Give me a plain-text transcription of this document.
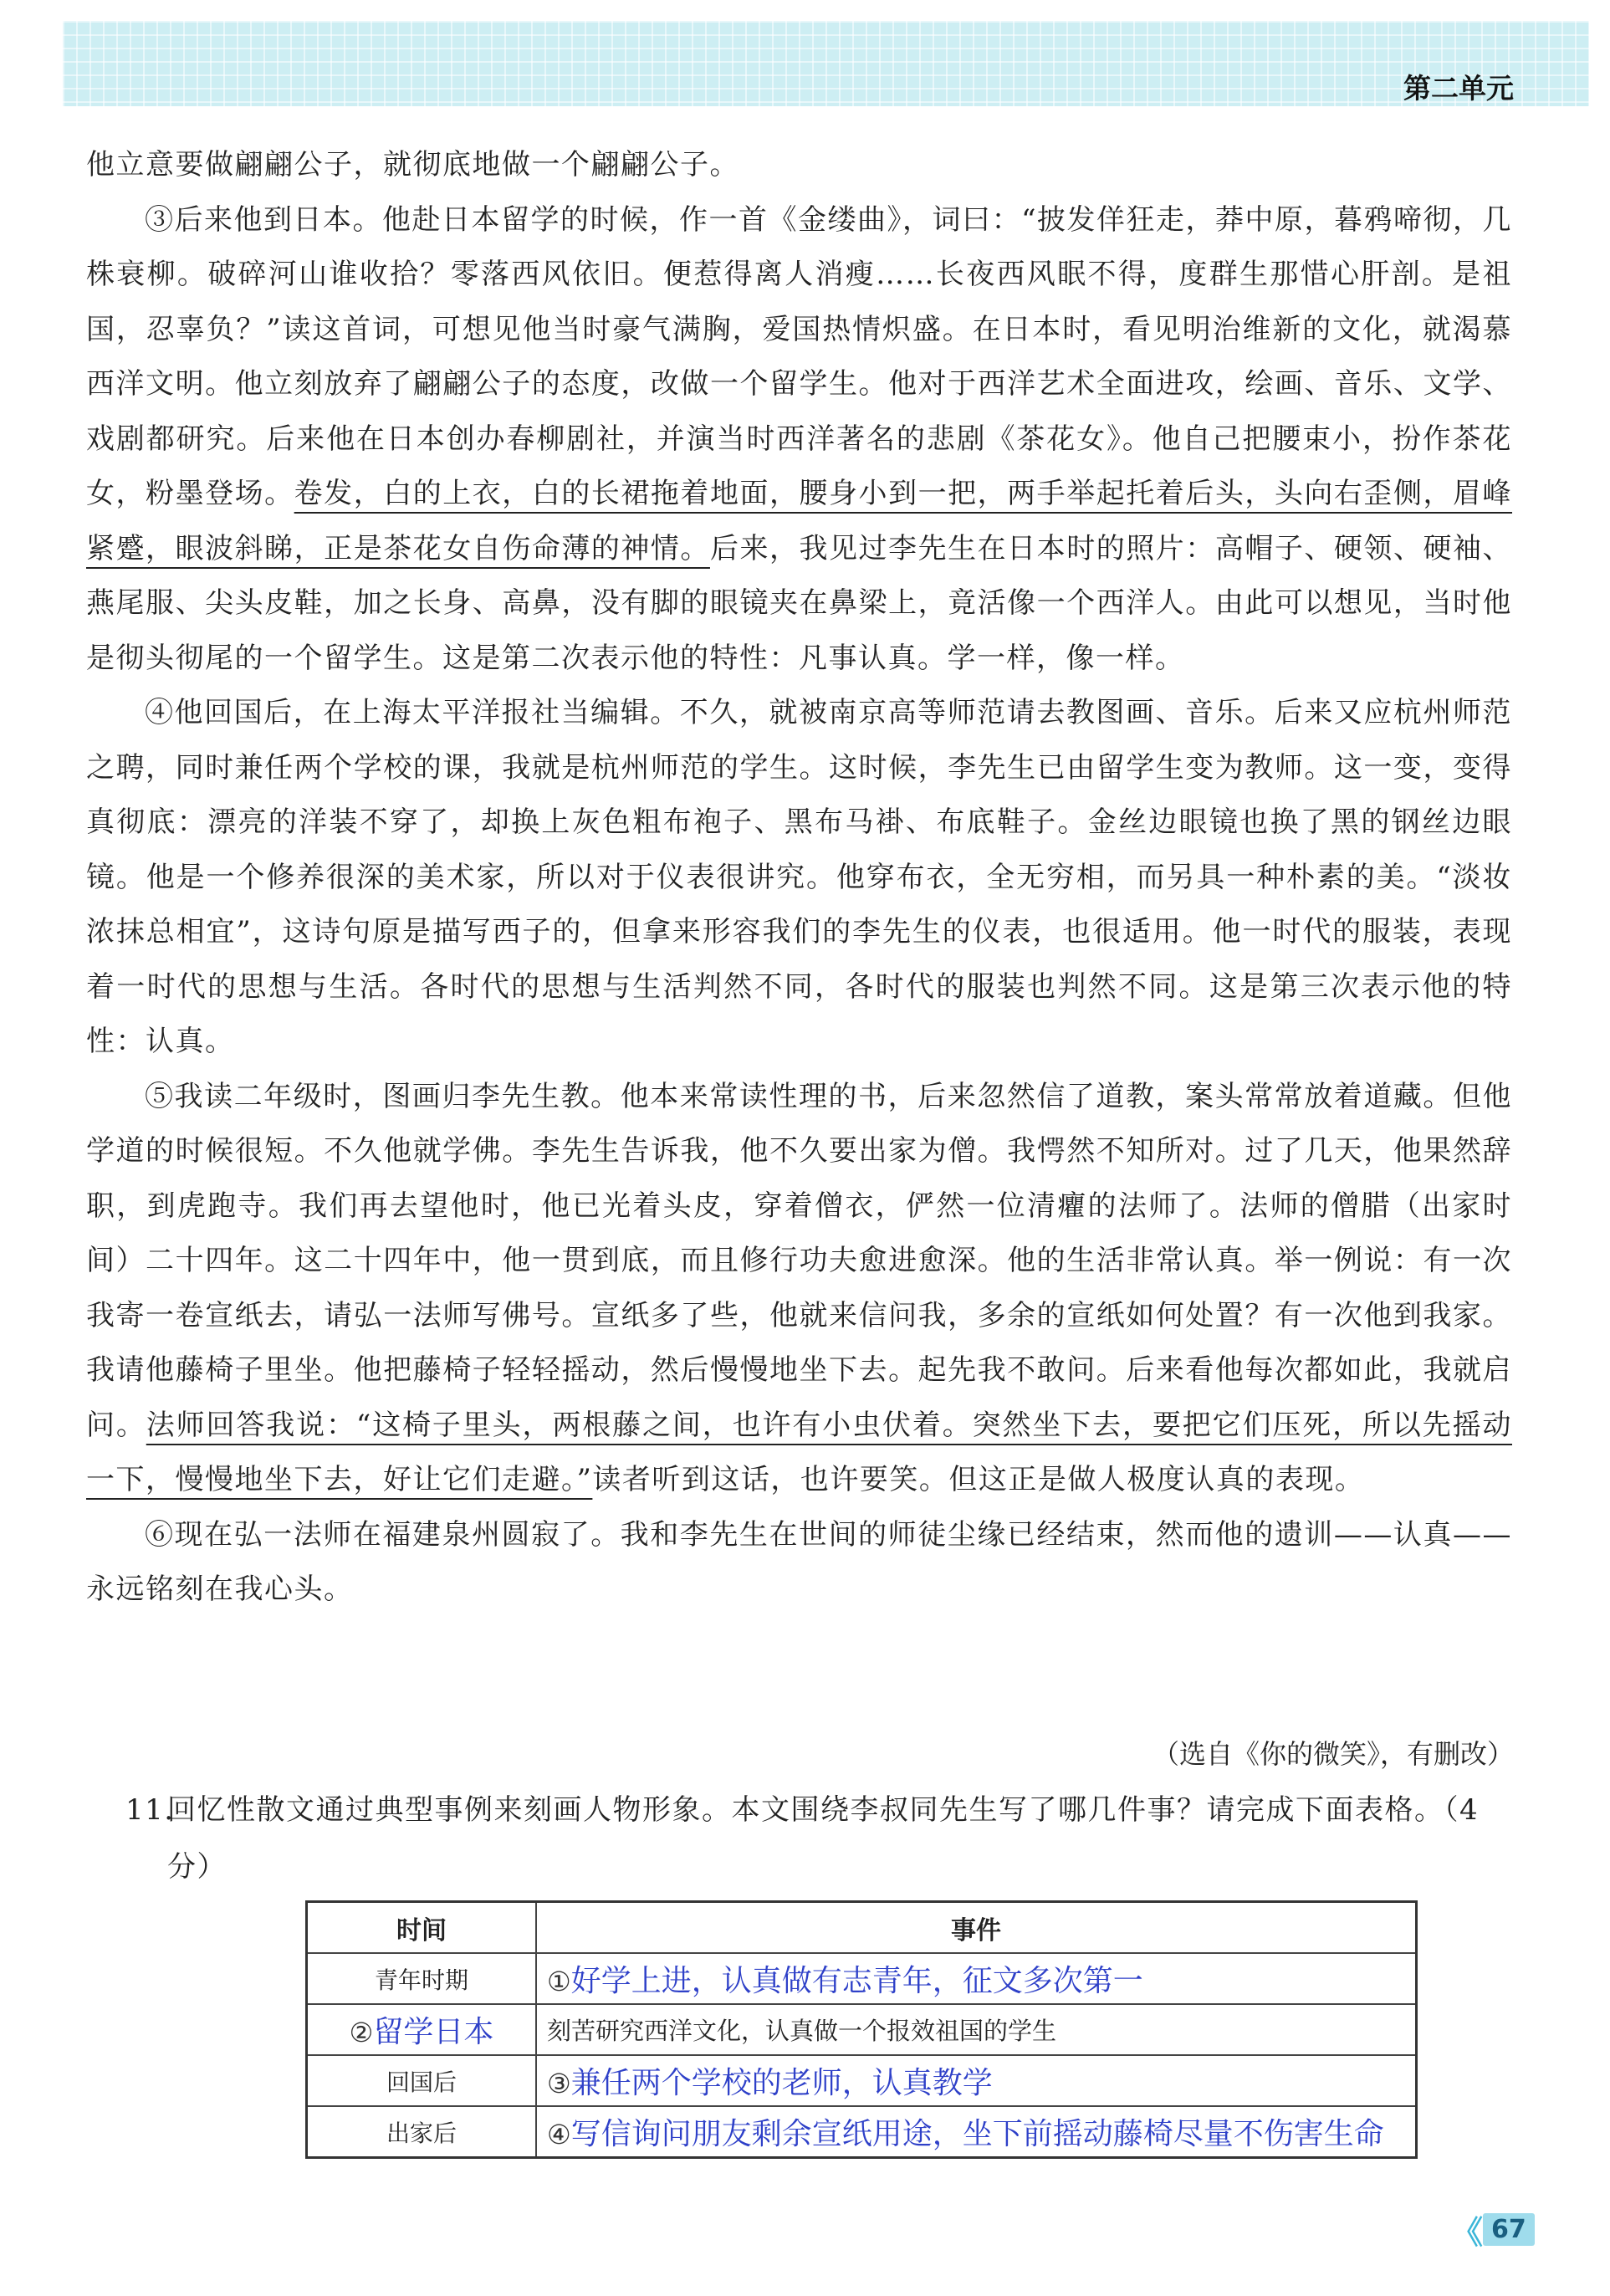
第二单元

他立意要做翩翩公子，就彻底地做一个翩翩公子。

③后来他到日本。他赴日本留学的时候，作一首《金缕曲》，词曰：“披发佯狂走，莽中原，暮鸦啼彻，几株衰柳。破碎河山谁收拾？零落西风依旧。便惹得离人消瘦……长夜西风眠不得，度群生那惜心肝剖。是祖国，忍辜负？”读这首词，可想见他当时豪气满胸，爱国热情炽盛。在日本时，看见明治维新的文化，就渴慕西洋文明。他立刻放弃了翩翩公子的态度，改做一个留学生。他对于西洋艺术全面进攻，绘画、音乐、文学、戏剧都研究。后来他在日本创办春柳剧社，并演当时西洋著名的悲剧《茶花女》。他自己把腰束小，扮作茶花女，粉墨登场。卷发，白的上衣，白的长裙拖着地面，腰身小到一把，两手举起托着后头，头向右歪侧，眉峰紧蹙，眼波斜睇，正是茶花女自伤命薄的神情。后来，我见过李先生在日本时的照片：高帽子、硬领、硬袖、燕尾服、尖头皮鞋，加之长身、高鼻，没有脚的眼镜夹在鼻梁上，竟活像一个西洋人。由此可以想见，当时他是彻头彻尾的一个留学生。这是第二次表示他的特性：凡事认真。学一样，像一样。

④他回国后，在上海太平洋报社当编辑。不久，就被南京高等师范请去教图画、音乐。后来又应杭州师范之聘，同时兼任两个学校的课，我就是杭州师范的学生。这时候，李先生已由留学生变为教师。这一变，变得真彻底：漂亮的洋装不穿了，却换上灰色粗布袍子、黑布马褂、布底鞋子。金丝边眼镜也换了黑的钢丝边眼镜。他是一个修养很深的美术家，所以对于仪表很讲究。他穿布衣，全无穷相，而另具一种朴素的美。“淡妆浓抹总相宜”，这诗句原是描写西子的，但拿来形容我们的李先生的仪表，也很适用。他一时代的服装，表现着一时代的思想与生活。各时代的思想与生活判然不同，各时代的服装也判然不同。这是第三次表示他的特性：认真。

⑤我读二年级时，图画归李先生教。他本来常读性理的书，后来忽然信了道教，案头常常放着道藏。但他学道的时候很短。不久他就学佛。李先生告诉我，他不久要出家为僧。我愕然不知所对。过了几天，他果然辞职，到虎跑寺。我们再去望他时，他已光着头皮，穿着僧衣，俨然一位清癯的法师了。法师的僧腊（出家时间）二十四年。这二十四年中，他一贯到底，而且修行功夫愈进愈深。他的生活非常认真。举一例说：有一次我寄一卷宣纸去，请弘一法师写佛号。宣纸多了些，他就来信问我，多余的宣纸如何处置？有一次他到我家。我请他藤椅子里坐。他把藤椅子轻轻摇动，然后慢慢地坐下去。起先我不敢问。后来看他每次都如此，我就启问。法师回答我说：“这椅子里头，两根藤之间，也许有小虫伏着。突然坐下去，要把它们压死，所以先摇动一下，慢慢地坐下去，好让它们走避。”读者听到这话，也许要笑。但这正是做人极度认真的表现。

⑥现在弘一法师在福建泉州圆寂了。我和李先生在世间的师徒尘缘已经结束，然而他的遗训——认真——永远铭刻在我心头。

（选自《你的微笑》，有删改）
11.

回忆性散文通过典型事例来刻画人物形象。本文围绕李叔同先生写了哪几件事？请完成下面表格。（4 分）

时间	事件
青年时期	①好学上进，认真做有志青年，征文多次第一
②留学日本	刻苦研究西洋文化，认真做一个报效祖国的学生
回国后	③兼任两个学校的老师，认真教学
出家后	④写信询问朋友剩余宣纸用途，坐下前摇动藤椅尽量不伤害生命
《 67
